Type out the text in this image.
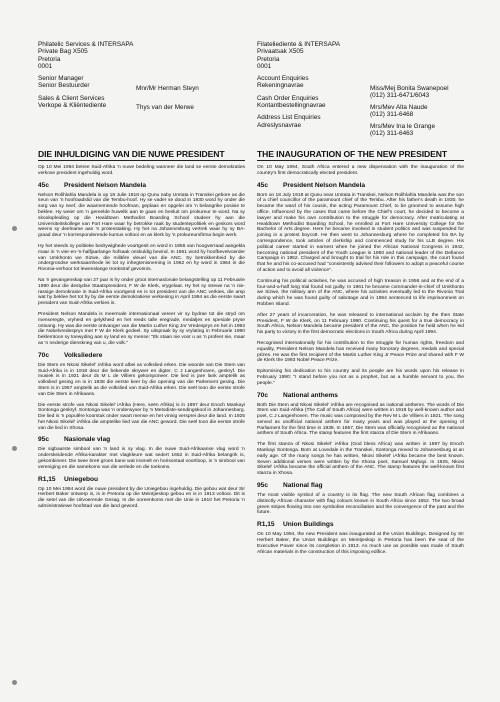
Philatelic Services & INTERSAPA
Private Bag X505
Pretoria
0001
Senior Manager
Senior Bestuurder
Sales & Client Services
Verkope & Kliëntediente
Mnr/Mr Herman Steyn
Thys van der Merwe
Filateliediente & INTERSAPA
Privaatsak X505
Pretoria
0001
Account Enquiries
Rekeningnavrae
Cash Order Enquiries
Kontantbestellingnavrae
Address List Enquiries
Adreslysnavrae
Miss/Mej Bonita Swanepoel
(012) 311-6471/6043
Mrs/Mev Alta Naude
(012) 311-6468
Mrs/Mev Ina le Grange
(012) 311-6463
DIE INHULDIGING VAN DIE NUWE PRESIDENT	THE INAUGURATION OF THE NEW PRESIDENT

Op 10 Mei 1994 betree Suid-Afrika 'n nuwe bedeling wanneer die land se eerste demokraties verkose president ingehuldig word.

45c President Nelson Mandela

Nelson Rolihlahla Mandela is op 18 Julie 1918 op Qunu naby Umtata in Transkei gebore as die seun van 'n hoofraadslid van die Tembu-hoof. Hy se vader se dood in 1930 word hy onder die sorg van sy neef, die waarnemende hoofman, geplaas en opgelei om 'n belangrike posisie te beklee. Hy weier om 'n gereelde huwelik aan te gaan en besluit om prokureur te word. Na sy skoolopleiding op die Healdtown Methodist Boarding School studeer hy aan die Universiteitskollege van Fort Hare waar hy betrokke raak by studentepolitiek en geskors word weens sy deelname aan 'n protesstaking. Hy het na Johannesburg vertrek waar hy sy BA-graad deur 'n korresponderende kursus voltooi en as klerk by 'n prokureursfirma begin werk.

Hy het steeds sy politieke bedrywighede voortgesit en word in 1956 van hoogverraad aangekla maar in 'n vier-en-'n-halfjaarlange hofsaak onskuldig bevind. In 1961 word hy hoofbevelvoerder van Umkhonto we Sizwe, die militêre vleuel van die ANC. Sy betrokkenheid by die ondergrondse werksaamhede lei tot sy inhegtenisneming in 1962 en hy word in 1964 in die Rivonia-verhoor tot lewenslange tronkstraf gevonnis.

Na 'n gevangenskap van 27 jaar is hy onder groot internasionale belangstelling op 11 Februarie 1990 deur die destydse Staatspresident, F W de Klerk, vrygelaat. Hy het sy strewe na 'n nie-rassige demokrasie in Suid-Afrika voortgesit en is tot president van die ANC verkies, die amp wat hy beklee het tot hy by die eerste demokratiese verkiesing in April 1994 as die eerste swart president van Suid-Afrika verkies is.

President Nelson Mandela is meermale internasionaal vereer vir sy bydrae tot die stryd om menseregte, vryheid en gelykheid en het reeds talle eregrade, medaljes en spesiale pryse ontvang. Hy was die eerste ontvanger van die Martin Luther King Jnr Vredesprys en het in 1993 die Nobelvredesprys met F W de Klerk gedeel. Sy uitspraak by sy vrylating in Februarie 1990 beklemtoon sy toewyding aan sy land en sy mense: "Ek staan nie voor u as 'n profeet nie, maar as 'n nederige dienskneg van u, die volk."

70c Volksliedere

Die Stem en Nkosi Sikelel' iAfrika word albei as volkslied erken. Die woorde van Die Stem van Suid-Afrika is in 1918 deur die bekende skrywer en digter, C J Langenhoven, geskryf. Die musiek is in 1921 deur ds M L de Villiers gekomponeer. Die lied is jare lank amptelik as volkslied gesing en is in 1938 die eerste keer by die opening van die Parlement gesing. Die Stem is in 1957 amptelik as die volkslied van Suid-Afrika erken. Die seël toon die eerste strofe van Die Stem in Afrikaans.

Die eerste strofe van Nkosi Sikelel' iAfrika (Here, seën Afrika) is in 1897 deur Enoch Mankayi Sontonga geskryf. Sontonga was 'n onderwyser by 'n Metodiste-sendingskool in Johannesburg. Die lied is 'n populêre koorstuk onder swart mense en het vinnig versprei deur die land. In 1925 het Nkosi Sikelel' iAfrika die amptelike lied van die ANC geword. Die seël toon die eerste strofe van die lied in Xhosa.

95c Nasionale vlag

Die sigbaarste simbool van 'n land is sy vlag. In die nuwe Suid-Afrikaanse vlag word 'n onderskeidende Afrika-karakter met vlagkleure wat sedert 1652 in Suid-Afrika belangrik is, gekombineer. Die twee breë groen bane wat insmelt en horisontaal voortloop, is 'n simbool van vereniging en die samekoms van die verlede en die toekoms.

R1,15 Uniegebou

Op 10 Mei 1994 word die nuwe president by die Uniegebou ingehuldig. Die gebou wat deur Sir Herbert Baker ontwerp is, is in Pretoria op die Meintjieskop gebou en is in 1913 voltooi. Dit is die setel van die Uitvoerende Gesag. In die ooreenkoms met die Unie in 1910 het Pretoria 'n administratiewe hoofstad van die land geword.

On 10 May 1994, South Africa entered a new dispensation with the inauguration of the country's first democratically elected president.

45c President Nelson Mandela

Born on 18 July 1918 at Qunu near Umtata in Transkei, Nelson Rolihlahla Mandela was the son of a chief councillor of the paramount chief of the Tembu. After his father's death in 1930, he became the ward of his cousin, the acting Paramount Chief, to be groomed to assume high office. Influenced by the cases that came before the Chief's court, he decided to become a lawyer and make his own contribution to the struggle for democracy. After matriculating at Healdtown Methodist Boarding School, he enrolled at Fort Hare University College for the Bachelor of Arts degree. Here he became involved in student politics and was suspended for joining in a protest boycott. He then went to Johannesburg where he completed his BA by correspondence, took articles of clerkship and commenced study for his LLB degree. His political career started in earnest when he joined the African National Congress in 1942, becoming national president of the Youth League in 1950 and national leader of the Defiance Campaign in 1952. Charged and brought to trial for his role in this campaign, the court found that he and his co-accused had "consistently advised their followers to adopt a peaceful course of action and to avoid all violence".

Continuing his political activities, he was accused of high treason in 1956 and at the end of a four-and-a-half long trial found not guilty. In 1961 he became commander-in-chief of Umkhonto we Sizwe, the military arm of the ANC, where his activities eventually led to the Rivonia Trial during which he was found guilty of sabotage and in 1964 sentenced to life imprisonment on Robben Island.

After 27 years of incarceration, he was released to international acclaim by the then State President, F W de Klerk, on 11 February 1990. Continuing his quest for a true democracy in South Africa, Nelson Mandela became president of the ANC, the position he held when he led his party to victory in the first democratic elections in South Africa during April 1994.

Recognised internationally for his contribution to the struggle for human rights, freedom and equality, President Nelson Mandela has received many honorary degrees, medals and special prizes. He was the first recipient of the Martin Luther King Jr Peace Prize and shared with F W de Klerk the 1993 Nobel Peace Prize.

Epitomising his dedication to his country and its people are his words upon his release in February 1990: "I stand before you not as a prophet, but as a humble servant to you, the people."

70c National anthems

Both Die Stem and Nkosi Sikelel' iAfrika are recognised as national anthems. The words of Die Stem van Suid-Afrika (The Call of South Africa) were written in 1918 by well-known author and poet, C J Langenhoven. The music was composed by the Rev M L de Villiers in 1921. The song served as unofficial national anthem for many years and was played at the opening of Parliament for the first time in 1938. In 1957, Die Stem was officially recognised as the national anthem of South Africa. The stamp features the first stanza of Die Stem in Afrikaans.

The first stanza of Nkosi Sikelel' iAfrika (God bless Africa) was written in 1897 by Enoch Mankayi Sontonga. Born at Lovedale in the Transkei, Sontonga moved to Johannesburg at an early age. Of the many songs he has written, Nkosi Sikelel' iAfrika became the best known. Seven additional verses were written by the Xhosa poet, Samuel Mqhayi. In 1925, Nkosi Sikelel' iAfrika became the official anthem of the ANC. The stamp features the well-known first stanza in Xhosa.

95c National flag

The most visible symbol of a country is its flag. The new South African flag combines a distinctly African character with flag colours known in South Africa since 1652. The two broad green stripes flowing into one symbolise reconciliation and the convergence of the past and the future.

R1,15 Union Buildings

On 10 May 1994, the new President was inaugurated at the Union Buildings. Designed by Sir Herbert Baker, the Union Buildings on Meintjeskop in Pretoria has been the seat of the Executive Power since its completion in 1913. As much use as possible was made of South African materials in the construction of this imposing edifice.
